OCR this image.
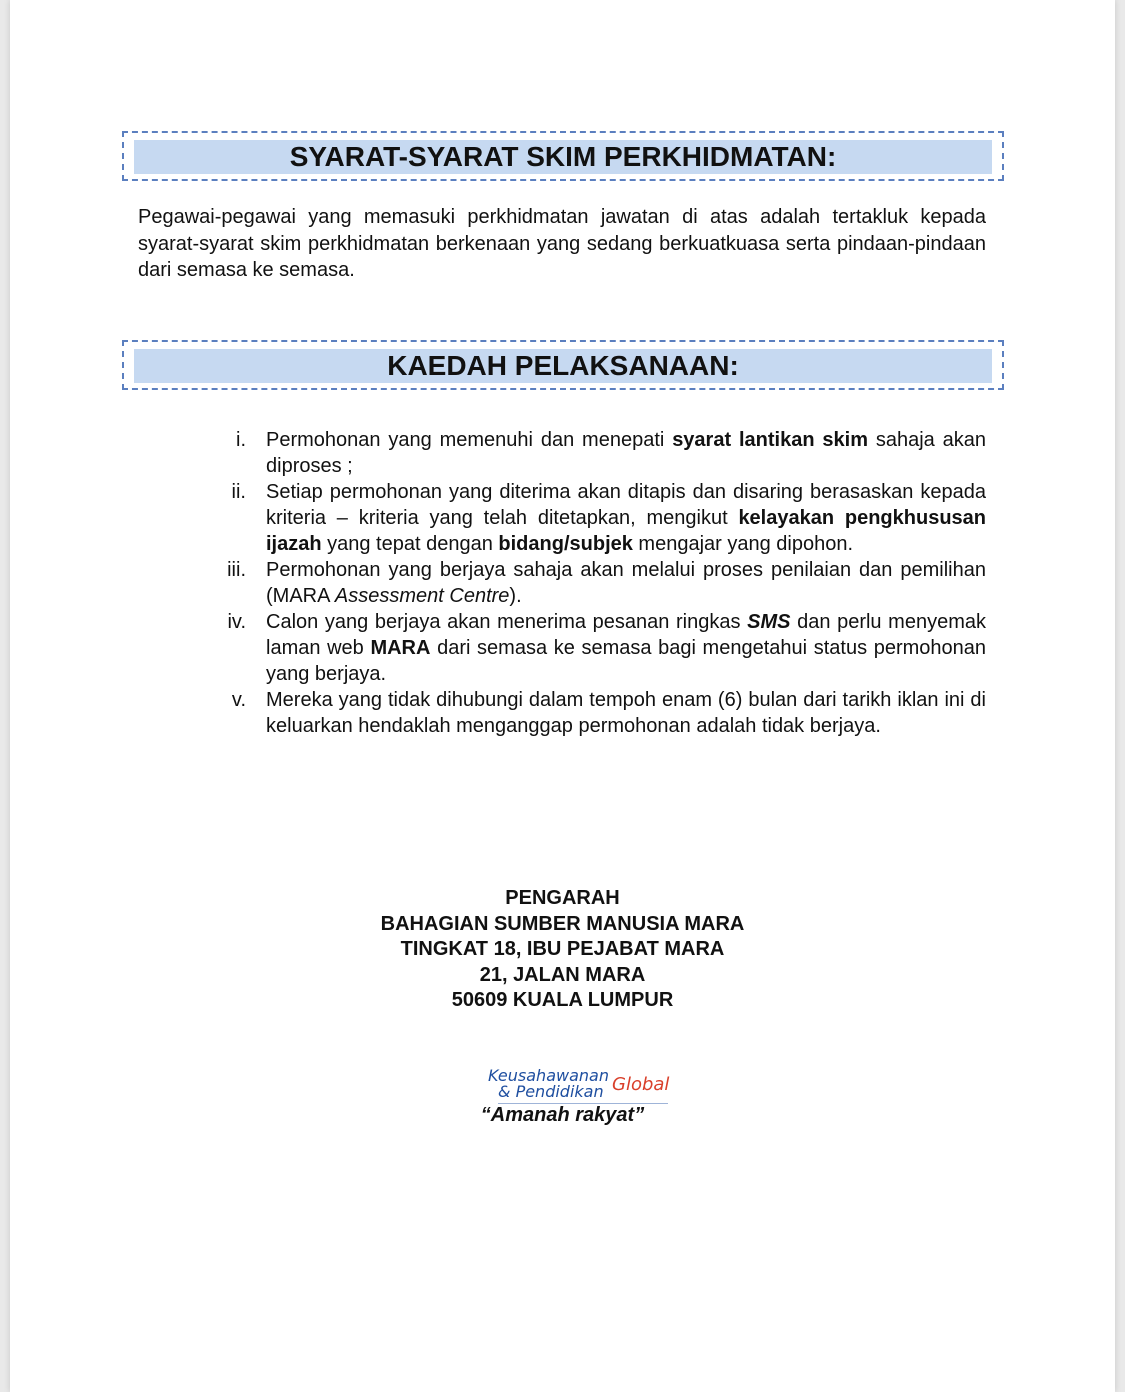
SYARAT-SYARAT SKIM PERKHIDMATAN:
Pegawai-pegawai yang memasuki perkhidmatan jawatan di atas adalah tertakluk kepada syarat-syarat skim perkhidmatan berkenaan yang sedang berkuatkuasa serta pindaan-pindaan dari semasa ke semasa.
KAEDAH PELAKSANAAN:
i. Permohonan yang memenuhi dan menepati syarat lantikan skim sahaja akan diproses ;
ii. Setiap permohonan yang diterima akan ditapis dan disaring berasaskan kepada kriteria – kriteria yang telah ditetapkan, mengikut kelayakan pengkhususan ijazah yang tepat dengan bidang/subjek mengajar yang dipohon.
iii. Permohonan yang berjaya sahaja akan melalui proses penilaian dan pemilihan (MARA Assessment Centre).
iv. Calon yang berjaya akan menerima pesanan ringkas SMS dan perlu menyemak laman web MARA dari semasa ke semasa bagi mengetahui status permohonan yang berjaya.
v. Mereka yang tidak dihubungi dalam tempoh enam (6) bulan dari tarikh iklan ini di keluarkan hendaklah menganggap permohonan adalah tidak berjaya.
PENGARAH
BAHAGIAN SUMBER MANUSIA MARA
TINGKAT 18, IBU PEJABAT MARA
21, JALAN MARA
50609 KUALA LUMPUR
Keusahawanan
& Pendidikan Global
“Amanah rakyat”
